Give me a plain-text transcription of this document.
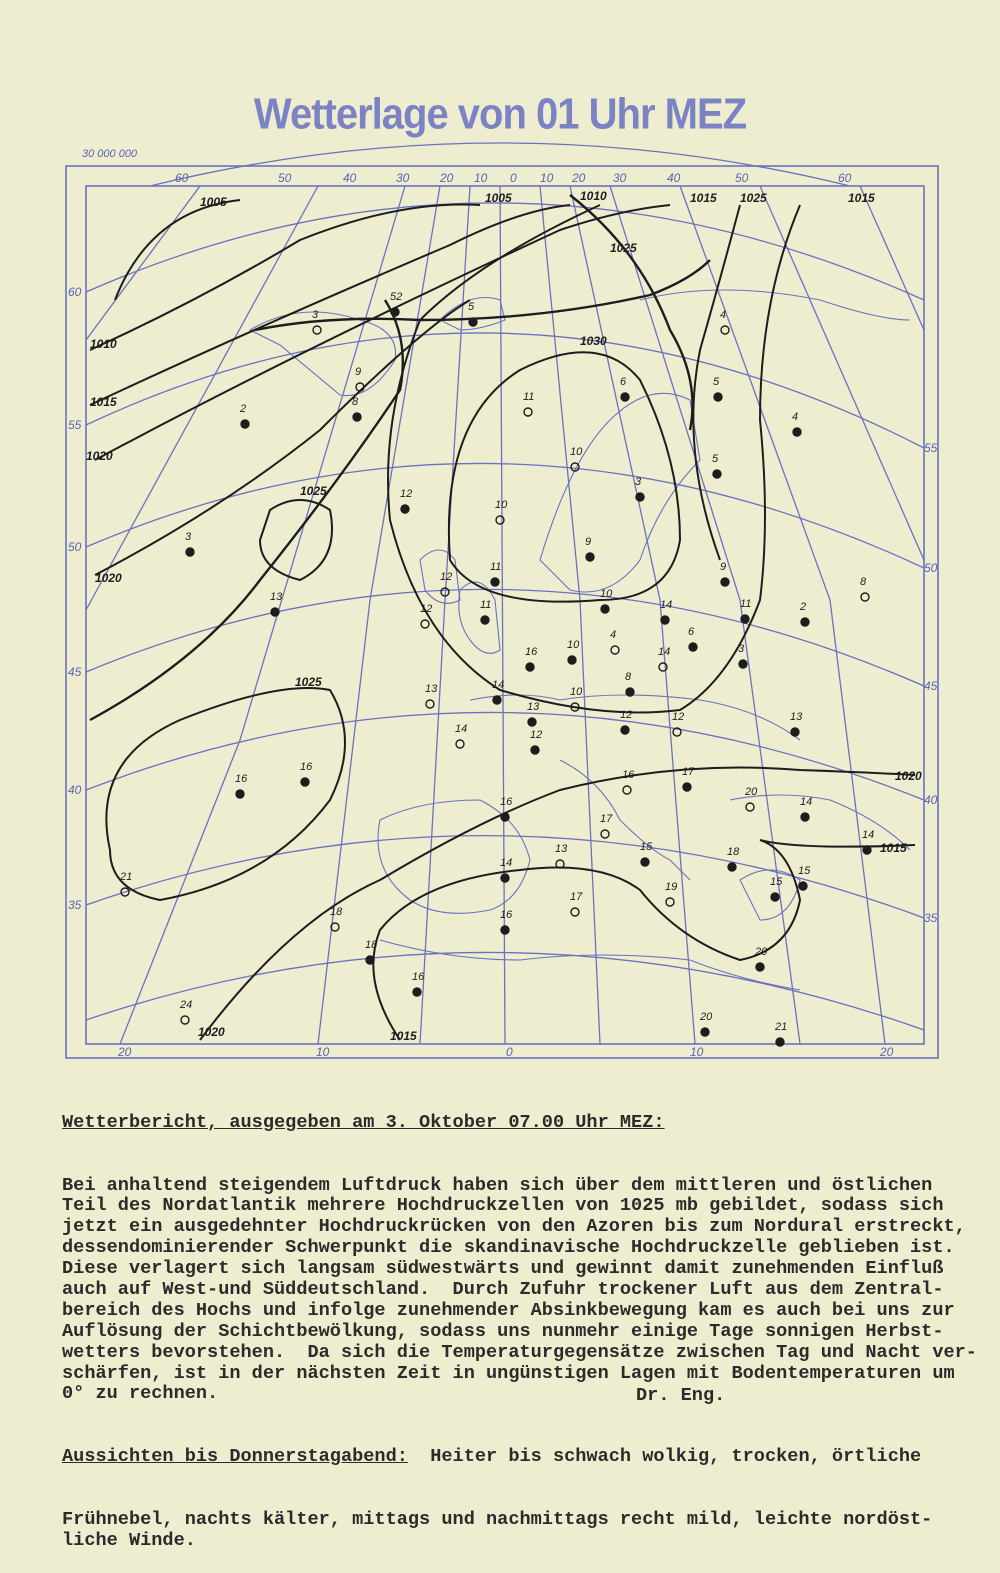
Wetterlage von 01 Uhr MEZ
30 000 000
60	50	40	30	20 10 0 10 20 30	40	50	60
20	10	0	10	20
60
55
50
45
40
35
55
50
45
40
35
1005
1010
1015
1020
1025
1030
1005	1010	1015 1025
1025
1020
1020
1015
1020
1015
1015
1025
3
52
5
9
8
2
11
6	5
4
4
5
10
3
12
10
9
11
12
13
11
12	14
6
4
8
10
14
11	2
8
9
3
13	14
16
10
13
10
14	12
12	12	13
16
16	17
16
20
14
14
17
16
14
13	15	18
19	15
15
18
16
18
17
16
20
21
21
20
24
3

Wetterbericht, ausgegeben am 3. Oktober 07.00 Uhr MEZ:

Bei anhaltend steigendem Luftdruck haben sich über dem mittleren und östlichen
Teil des Nordatlantik mehrere Hochdruckzellen von 1025 mb gebildet, sodass sich
jetzt ein ausgedehnter Hochdruckrücken von den Azoren bis zum Nordural erstreckt,
dessendominierender Schwerpunkt die skandinavische Hochdruckzelle geblieben ist.
Diese verlagert sich langsam südwestwärts und gewinnt damit zunehmenden Einfluß
auch auf West-und Süddeutschland.  Durch Zufuhr trockener Luft aus dem Zentral-
bereich des Hochs und infolge zunehmender Absinkbewegung kam es auch bei uns zur
Auflösung der Schichtbewölkung, sodass uns nunmehr einige Tage sonnigen Herbst-
wetters bevorstehen.  Da sich die Temperaturgegensätze zwischen Tag und Nacht ver-
schärfen, ist in der nächsten Zeit in ungünstigen Lagen mit Bodentemperaturen um
0° zu rechnen.

Aussichten bis Donnerstagabend:  Heiter bis schwach wolkig, trocken, örtliche

Frühnebel, nachts kälter, mittags und nachmittags recht mild, leichte nordöst-
liche Winde.

Dr. Eng.
